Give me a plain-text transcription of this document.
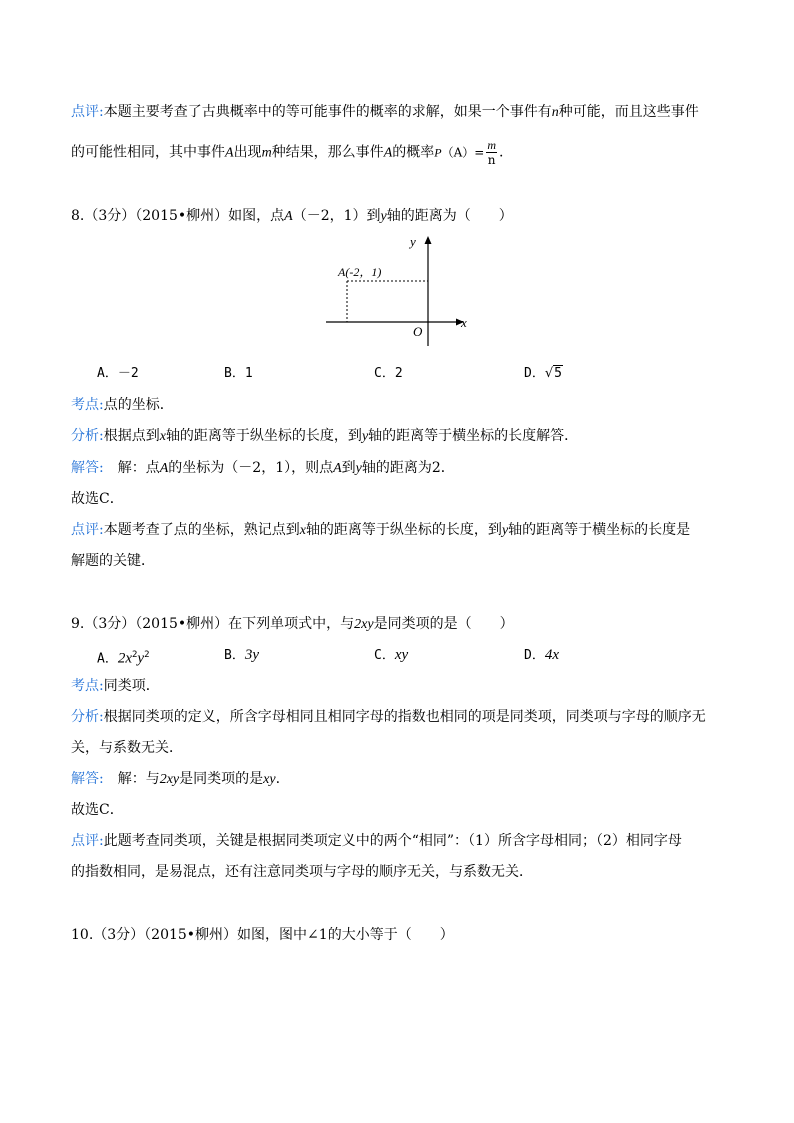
点评:本题主要考查了古典概率中的等可能事件的概率的求解，如果一个事件有n种可能，而且这些事件
的可能性相同，其中事件A出现m种结果，那么事件A的概率$P(A)= \frac{m}{n}$ .
8.（3分）（2015•柳州）如图，点A（－2，1）到y轴的距离为（　　）
y
x
O
A(-2，1)
A．－2	B．1	C．2	D．√5
考点:点的坐标．
分析:根据点到x轴的距离等于纵坐标的长度，到y轴的距离等于横坐标的长度解答．
解答:　解：点A的坐标为（－2，1），则点A到y轴的距离为2．
故选C．
点评:本题考查了点的坐标，熟记点到x轴的距离等于纵坐标的长度，到y轴的距离等于横坐标的长度是
解题的关键．
9.（3分）（2015•柳州）在下列单项式中，与2xy是同类项的是（　　）
A．$2x^2y^2$	B．3y	C．xy	D．4x
考点:同类项．
分析:根据同类项的定义，所含字母相同且相同字母的指数也相同的项是同类项，同类项与字母的顺序无
关，与系数无关．
解答:　解：与2xy是同类项的是xy.
故选C．
点评:此题考查同类项，关键是根据同类项定义中的两个“相同”：（1）所含字母相同；（2）相同字母
的指数相同，是易混点，还有注意同类项与字母的顺序无关，与系数无关．
10.（3分）（2015•柳州）如图，图中∠1的大小等于（　　）
